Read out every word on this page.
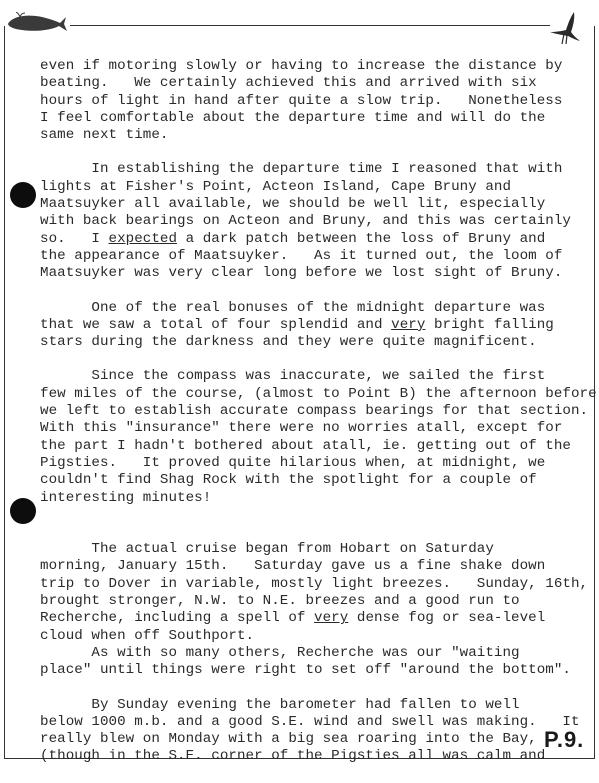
even if motoring slowly or having to increase the distance by
beating.   We certainly achieved this and arrived with six
hours of light in hand after quite a slow trip.   Nonetheless
I feel comfortable about the departure time and will do the
same next time.
In establishing the departure time I reasoned that with
lights at Fisher's Point, Acteon Island, Cape Bruny and
Maatsuyker all available, we should be well lit, especially
with back bearings on Acteon and Bruny, and this was certainly
so.   I expected a dark patch between the loss of Bruny and
the appearance of Maatsuyker.   As it turned out, the loom of
Maatsuyker was very clear long before we lost sight of Bruny.
One of the real bonuses of the midnight departure was
that we saw a total of four splendid and very bright falling
stars during the darkness and they were quite magnificent.
Since the compass was inaccurate, we sailed the first
few miles of the course, (almost to Point B) the afternoon before
we left to establish accurate compass bearings for that section.
With this "insurance" there were no worries atall, except for
the part I hadn't bothered about atall, ie. getting out of the
Pigsties.   It proved quite hilarious when, at midnight, we
couldn't find Shag Rock with the spotlight for a couple of
interesting minutes!
The actual cruise began from Hobart on Saturday
morning, January 15th.   Saturday gave us a fine shake down
trip to Dover in variable, mostly light breezes.   Sunday, 16th,
brought stronger, N.W. to N.E. breezes and a good run to
Recherche, including a spell of very dense fog or sea-level
cloud when off Southport.
As with so many others, Recherche was our "waiting
place" until things were right to set off "around the bottom".
By Sunday evening the barometer had fallen to well
below 1000 m.b. and a good S.E. wind and swell was making.   It
really blew on Monday with a big sea roaring into the Bay,
(though in the S.E. corner of the Pigsties all was calm and
P.9.
